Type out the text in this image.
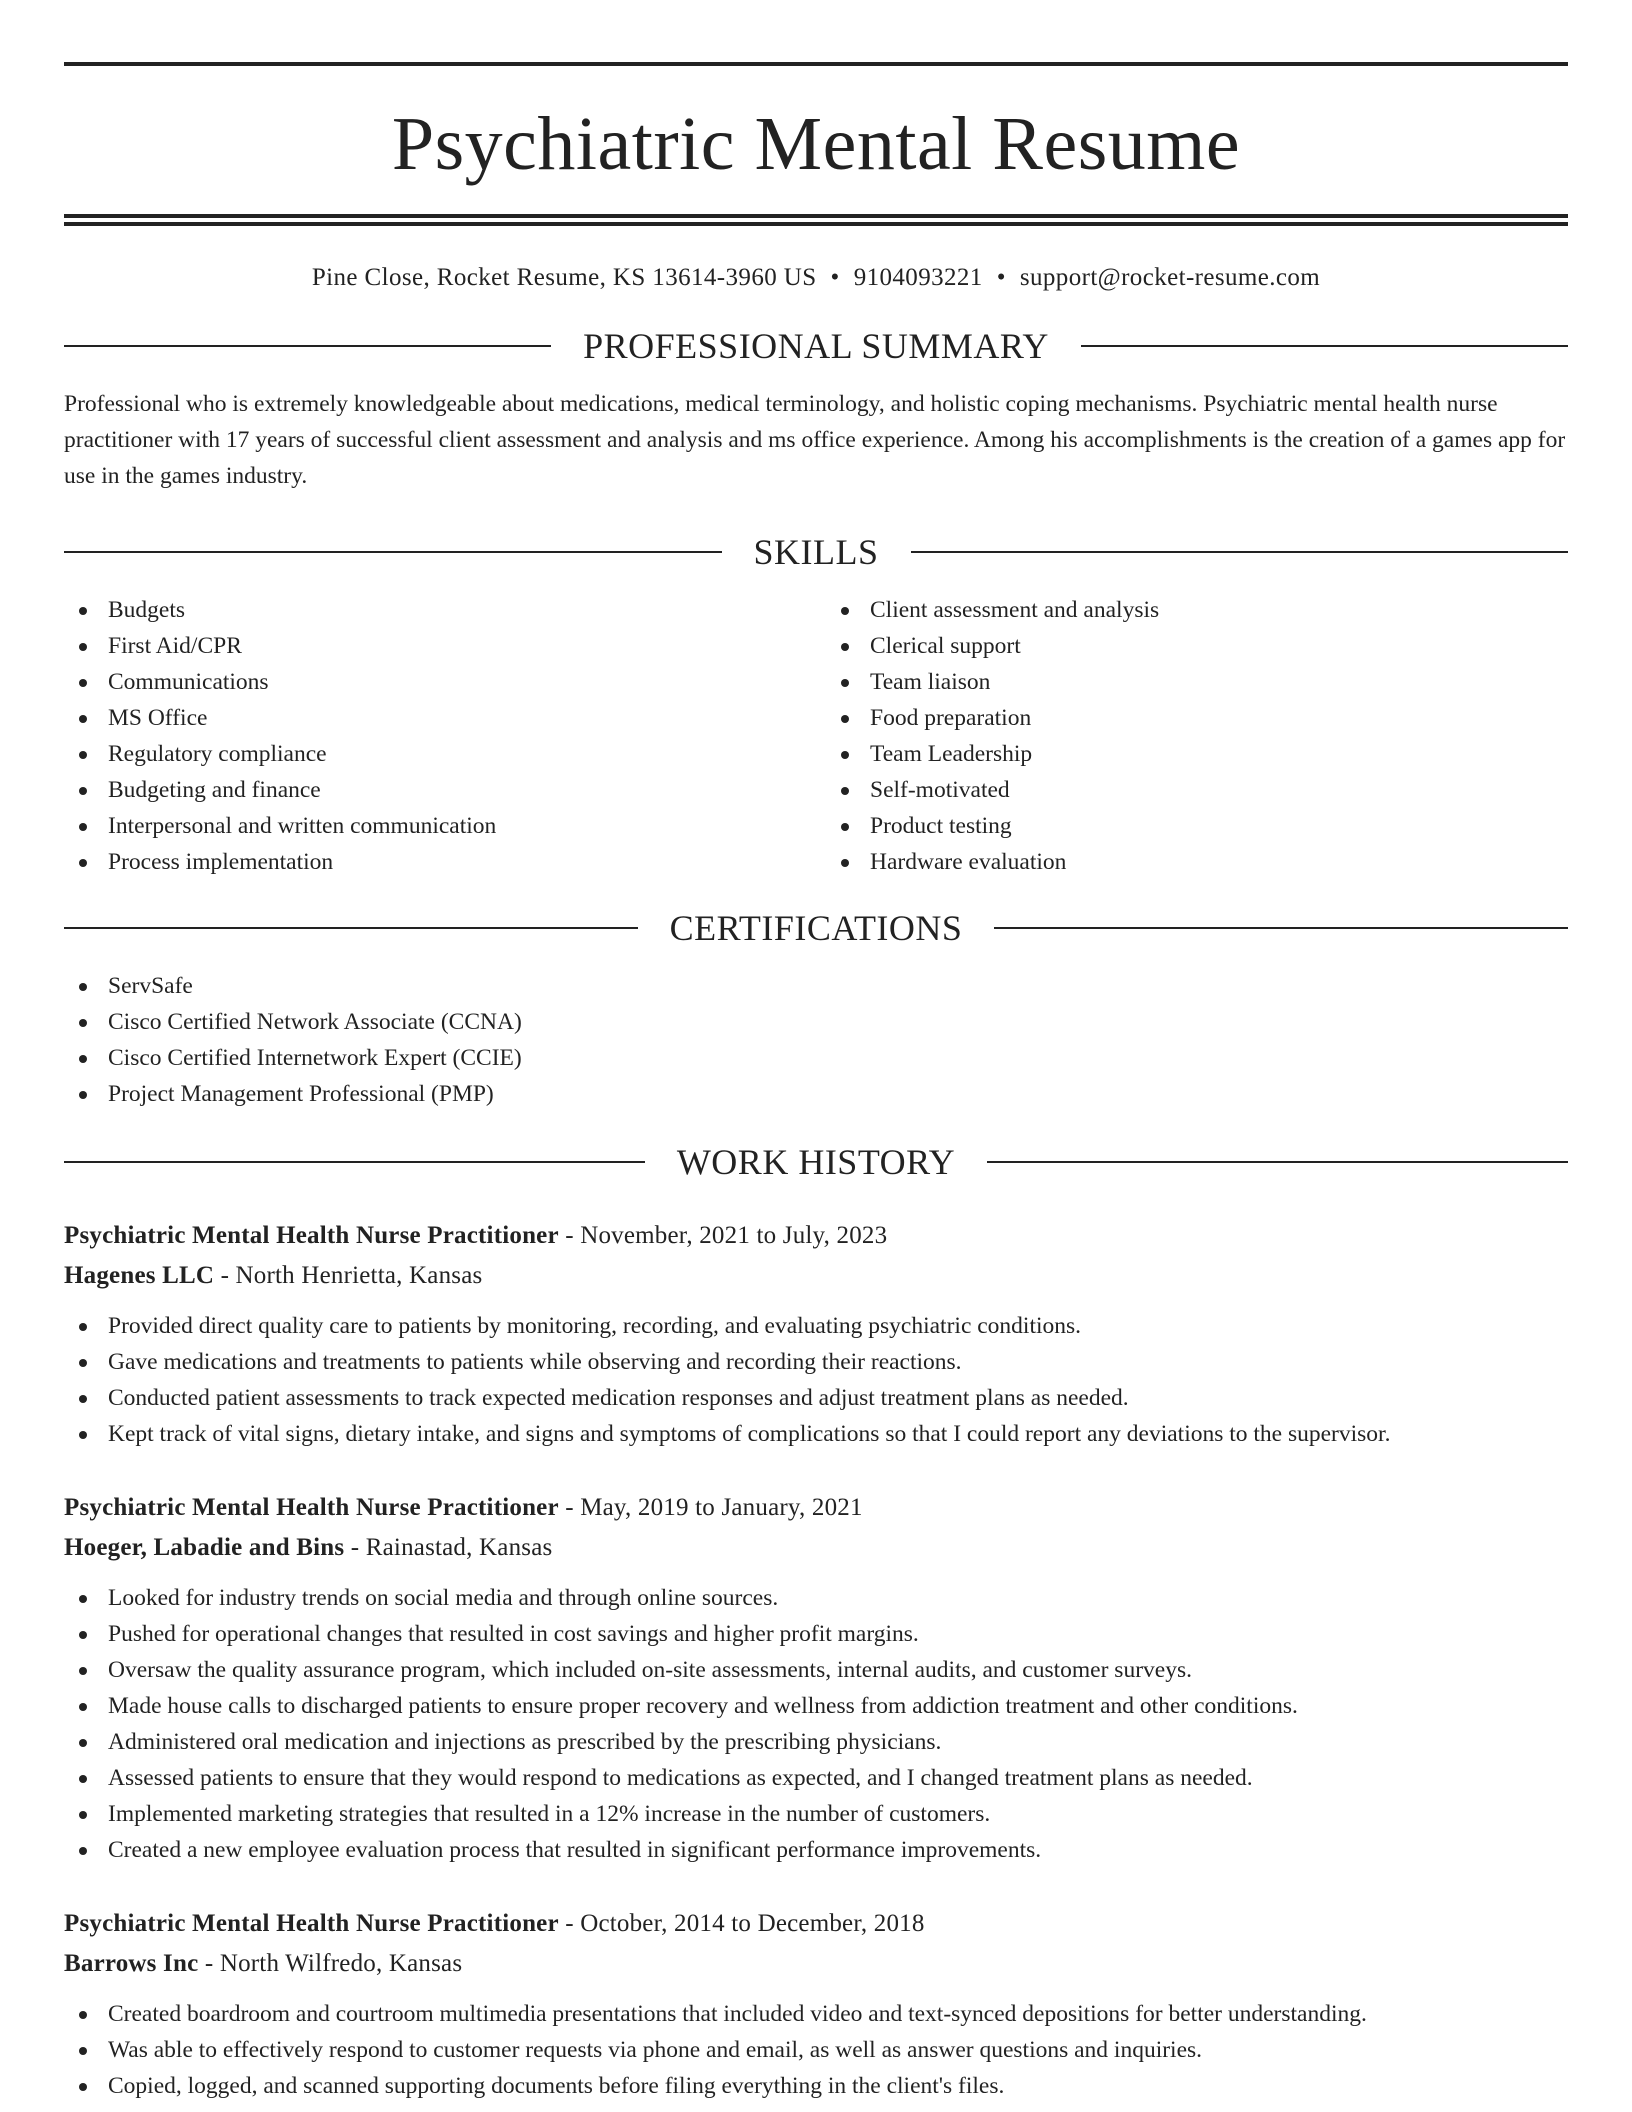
Psychiatric Mental Resume
Pine Close, Rocket Resume, KS 13614-3960 US • 9104093221 • support@rocket-resume.com
PROFESSIONAL SUMMARY

Professional who is extremely knowledgeable about medications, medical terminology, and holistic coping mechanisms. Psychiatric mental health nurse practitioner with 17 years of successful client assessment and analysis and ms office experience. Among his accomplishments is the creation of a games app for use in the games industry.

SKILLS
Budgets
First Aid/CPR
Communications
MS Office
Regulatory compliance
Budgeting and finance
Interpersonal and written communication
Process implementation
Client assessment and analysis
Clerical support
Team liaison
Food preparation
Team Leadership
Self-motivated
Product testing
Hardware evaluation
CERTIFICATIONS
ServSafe
Cisco Certified Network Associate (CCNA)
Cisco Certified Internetwork Expert (CCIE)
Project Management Professional (PMP)
WORK HISTORY
Psychiatric Mental Health Nurse Practitioner - November, 2021 to July, 2023
Hagenes LLC - North Henrietta, Kansas
Provided direct quality care to patients by monitoring, recording, and evaluating psychiatric conditions.
Gave medications and treatments to patients while observing and recording their reactions.
Conducted patient assessments to track expected medication responses and adjust treatment plans as needed.
Kept track of vital signs, dietary intake, and signs and symptoms of complications so that I could report any deviations to the supervisor.
Psychiatric Mental Health Nurse Practitioner - May, 2019 to January, 2021
Hoeger, Labadie and Bins - Rainastad, Kansas
Looked for industry trends on social media and through online sources.
Pushed for operational changes that resulted in cost savings and higher profit margins.
Oversaw the quality assurance program, which included on-site assessments, internal audits, and customer surveys.
Made house calls to discharged patients to ensure proper recovery and wellness from addiction treatment and other conditions.
Administered oral medication and injections as prescribed by the prescribing physicians.
Assessed patients to ensure that they would respond to medications as expected, and I changed treatment plans as needed.
Implemented marketing strategies that resulted in a 12% increase in the number of customers.
Created a new employee evaluation process that resulted in significant performance improvements.
Psychiatric Mental Health Nurse Practitioner - October, 2014 to December, 2018
Barrows Inc - North Wilfredo, Kansas
Created boardroom and courtroom multimedia presentations that included video and text-synced depositions for better understanding.
Was able to effectively respond to customer requests via phone and email, as well as answer questions and inquiries.
Copied, logged, and scanned supporting documents before filing everything in the client's files.
